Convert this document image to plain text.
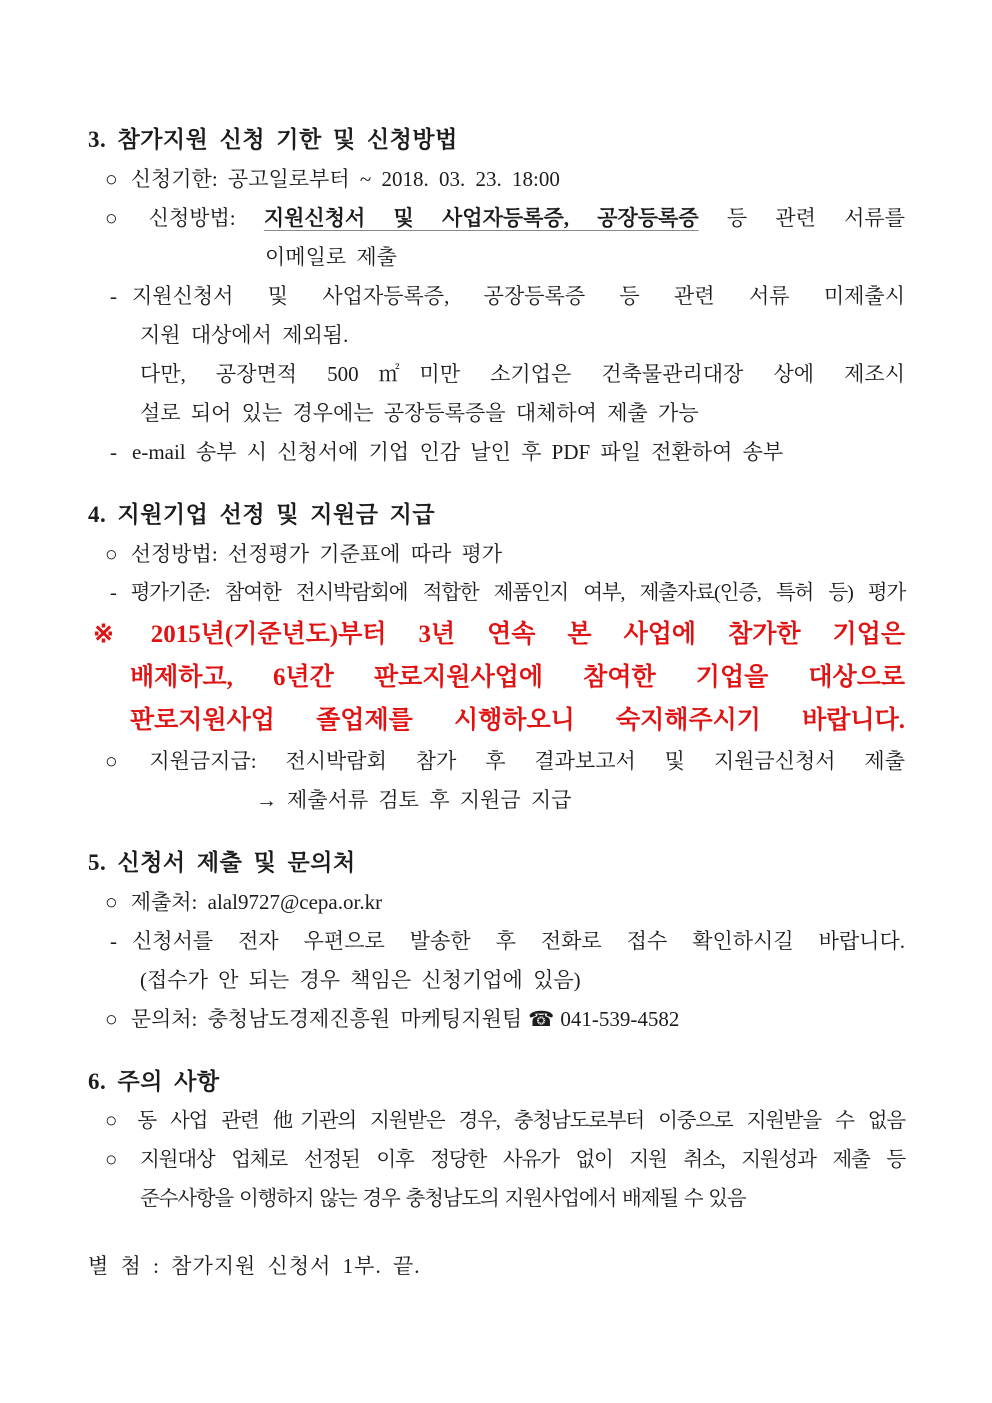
3. 참가지원 신청 기한 및 신청방법

○ 신청기한: 공고일로부터 ~ 2018. 03. 23. 18:00

○ 신청방법: 지원신청서 및 사업자등록증, 공장등록증 등 관련 서류를

이메일로 제출

- 지원신청서 및 사업자등록증, 공장등록증 등 관련 서류 미제출시

지원 대상에서 제외됨.

다만, 공장면적 500㎡미만 소기업은 건축물관리대장 상에 제조시

설로 되어 있는 경우에는 공장등록증을 대체하여 제출 가능

- e-mail 송부 시 신청서에 기업 인감 날인 후 PDF 파일 전환하여 송부

4. 지원기업 선정 및 지원금 지급

○ 선정방법: 선정평가 기준표에 따라 평가

- 평가기준: 참여한 전시박람회에 적합한 제품인지 여부, 제출자료(인증, 특허 등) 평가

※ 2015년(기준년도)부터 3년 연속 본 사업에 참가한 기업은

배제하고, 6년간 판로지원사업에 참여한 기업을 대상으로

판로지원사업 졸업제를 시행하오니 숙지해주시기 바랍니다.

○ 지원금지급: 전시박람회 참가 후 결과보고서 및 지원금신청서 제출

→ 제출서류 검토 후 지원금 지급

5. 신청서 제출 및 문의처

○ 제출처: alal9727@cepa.or.kr

- 신청서를 전자 우편으로 발송한 후 전화로 접수 확인하시길 바랍니다.

(접수가 안 되는 경우 책임은 신청기업에 있음)

○ 문의처: 충청남도경제진흥원 마케팅지원팀 ☎ 041-539-4582

6. 주의 사항

○ 동 사업 관련 他기관의 지원받은 경우, 충청남도로부터 이중으로 지원받을 수 없음

○ 지원대상 업체로 선정된 이후 정당한 사유가 없이 지원 취소, 지원성과 제출 등

준수사항을 이행하지 않는 경우 충청남도의 지원사업에서 배제될 수 있음

별 첨 : 참가지원 신청서 1부. 끝.
